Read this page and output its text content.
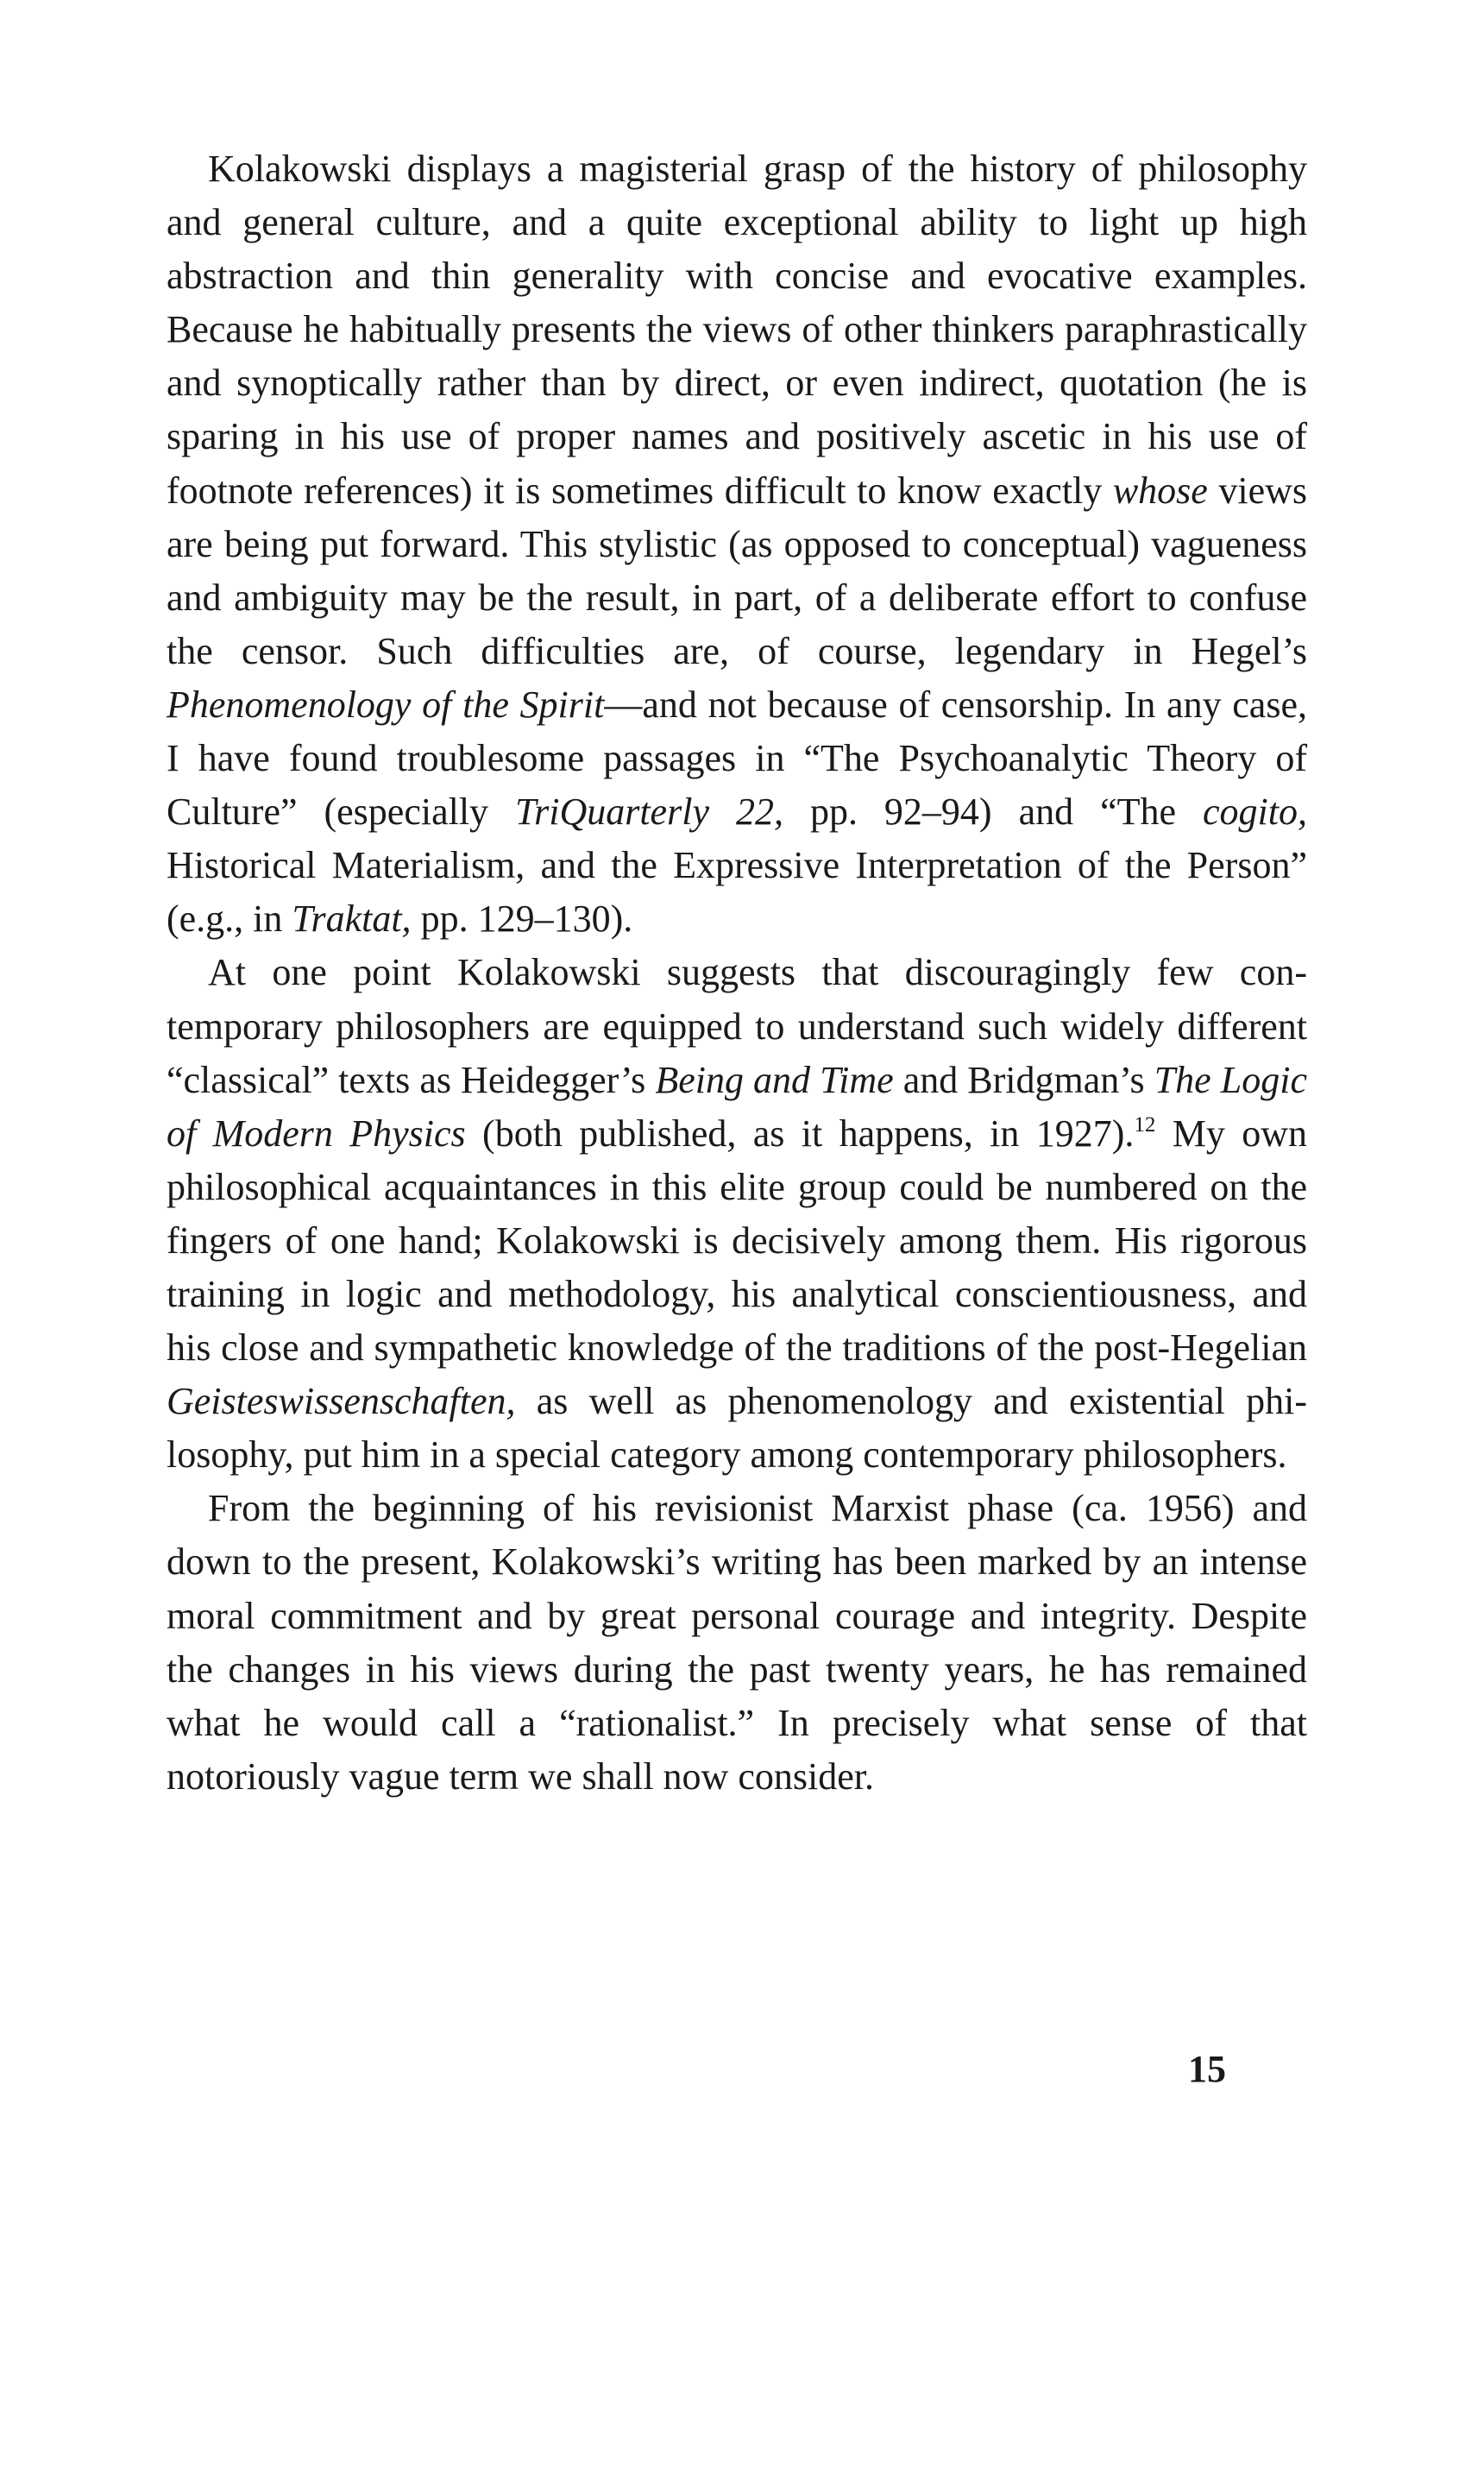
Kolakowski displays a magisterial grasp of the history of philosophy and general culture, and a quite exceptional ability to light up high abstraction and thin generality with concise and evocative examples. Because he habitually presents the views of other thinkers paraphrastically and synoptically rather than by direct, or even indirect, quotation (he is sparing in his use of proper names and positively ascetic in his use of footnote references) it is sometimes difficult to know exactly whose views are being put forward. This stylistic (as opposed to conceptual) vagueness and ambiguity may be the result, in part, of a deliberate effort to confuse the censor. Such difficulties are, of course, legendary in Hegel’s Phenomenology of the Spirit—and not because of censorship. In any case, I have found troublesome passages in “The Psychoanalytic Theory of Culture” (especially TriQuarterly 22, pp. 92–94) and “The cogito, Historical Materialism, and the Expressive Interpretation of the Person” (e.g., in Traktat, pp. 129–130).

At one point Kolakowski suggests that discouragingly few contemporary philosophers are equipped to understand such widely different “classical” texts as Heidegger’s Being and Time and Bridgman’s The Logic of Modern Physics (both published, as it happens, in 1927).$^{12}$ My own philosophical acquaintances in this elite group could be numbered on the fingers of one hand; Kolakowski is decisively among them. His rigorous training in logic and methodology, his analytical conscientiousness, and his close and sympathetic knowledge of the traditions of the post-Hegelian Geisteswissenschaften, as well as phenomenology and existential philosophy, put him in a special category among contemporary philosophers.

From the beginning of his revisionist Marxist phase (ca. 1956) and down to the present, Kolakowski’s writing has been marked by an intense moral commitment and by great personal courage and integrity. Despite the changes in his views during the past twenty years, he has remained what he would call a “rationalist.” In precisely what sense of that notoriously vague term we shall now consider.

15
